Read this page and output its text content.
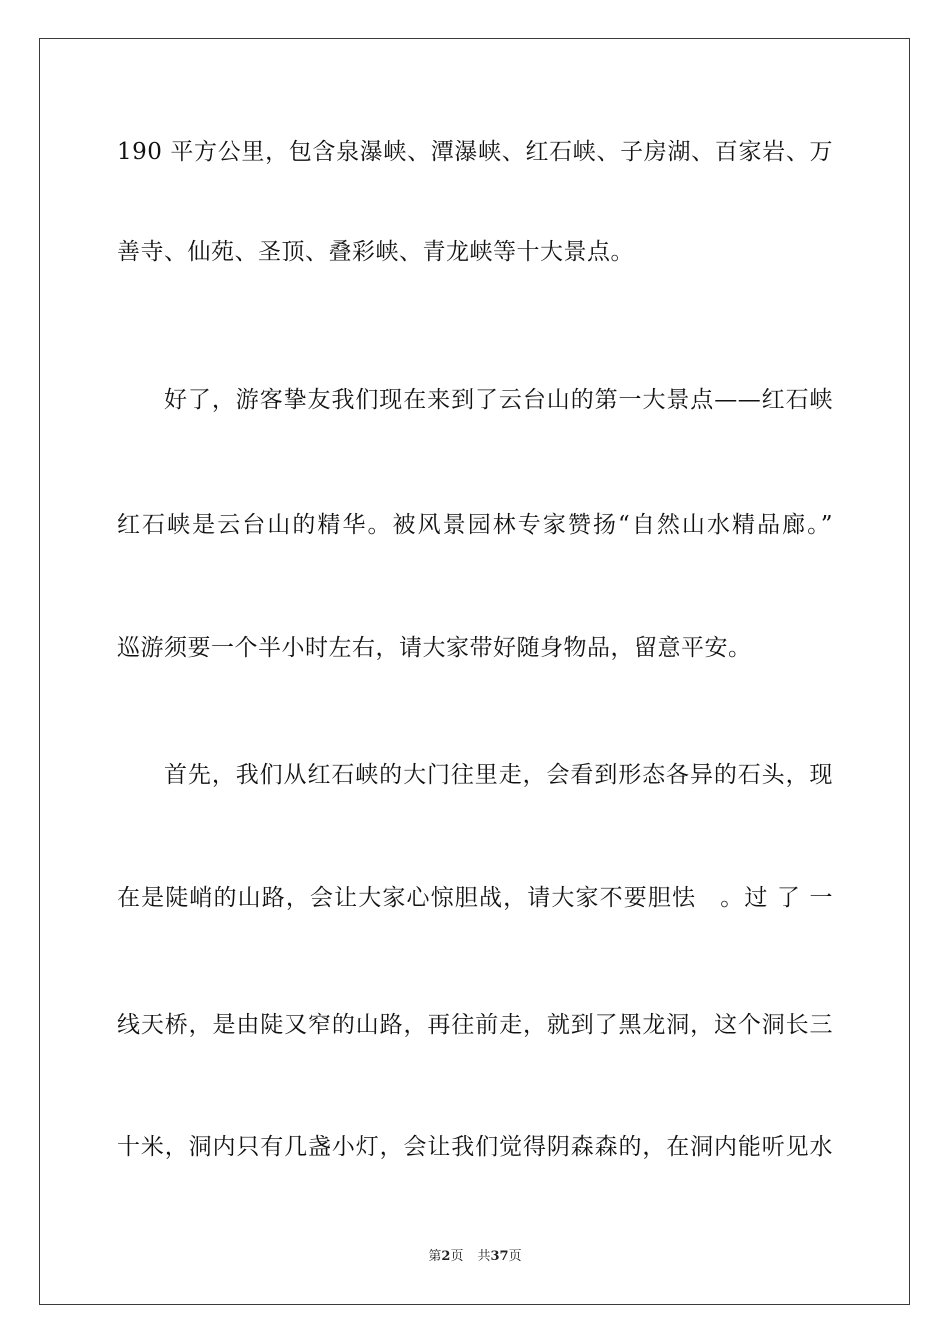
190 平方公里，包含泉瀑峡、潭瀑峡、红石峡、子房湖、百家岩、万
善寺、仙苑、圣顶、叠彩峡、青龙峡等十大景点。
好了，游客挚友我们现在来到了云台山的第一大景点——红石峡
红石峡是云台山的精华。被风景园林专家赞扬“自然山水精品廊。”
巡游须要一个半小时左右，请大家带好随身物品，留意平安。
首先，我们从红石峡的大门往里走，会看到形态各异的石头，现
在是陡峭的山路，会让大家心惊胆战，请大家不要胆怯　。过 了 一
线天桥，是由陡又窄的山路，再往前走，就到了黑龙洞，这个洞长三
十米，洞内只有几盏小灯，会让我们觉得阴森森的，在洞内能听见水
第2页 共37页
